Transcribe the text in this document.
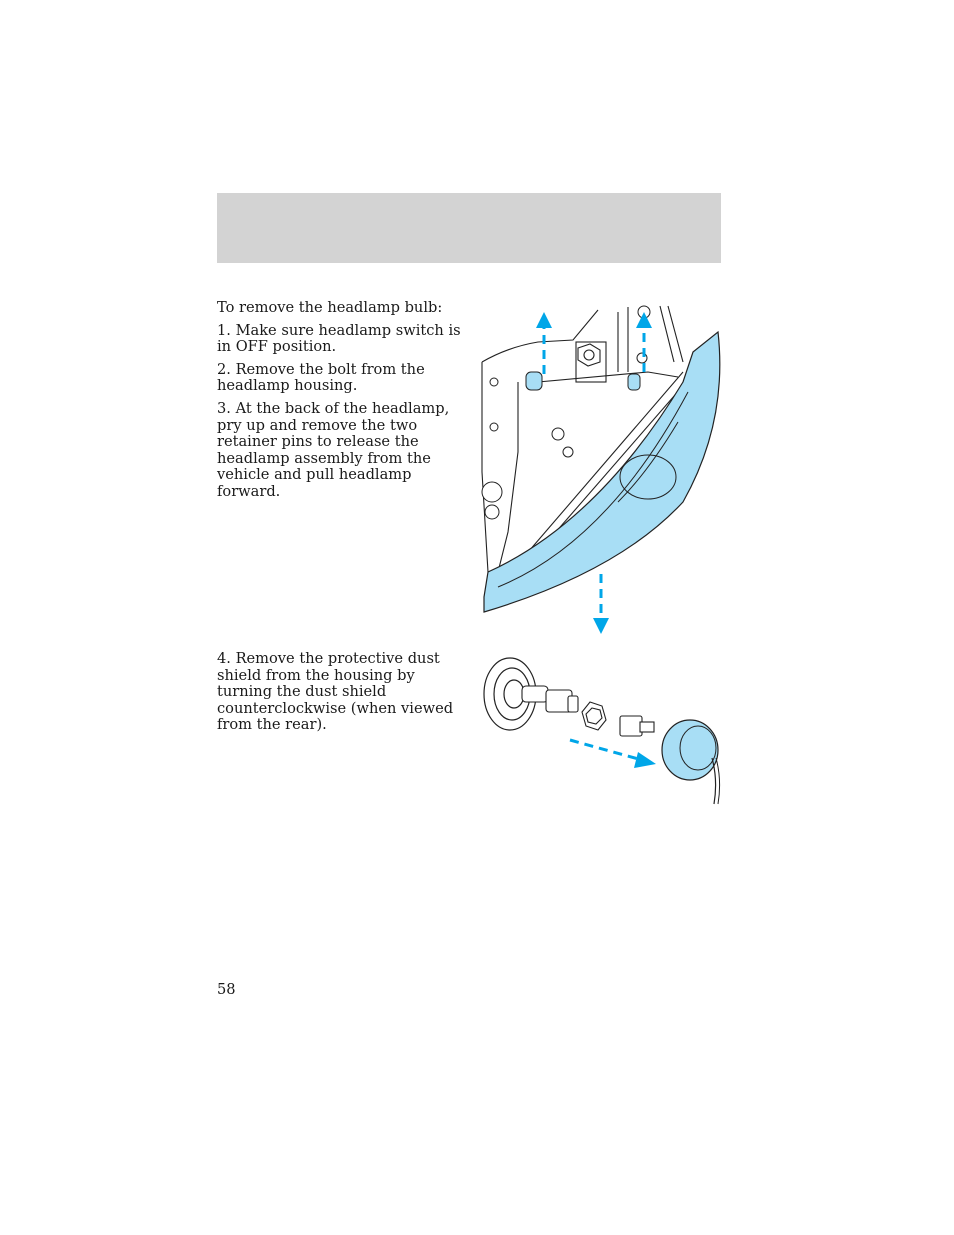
To remove the headlamp bulb:

1. Make sure headlamp switch is in OFF position.

2. Remove the bolt from the headlamp housing.

3. At the back of the headlamp, pry up and remove the two retainer pins to release the headlamp assembly from the vehicle and pull headlamp forward.

4. Remove the protective dust shield from the housing by turning the dust shield counterclockwise (when viewed from the rear).

58
